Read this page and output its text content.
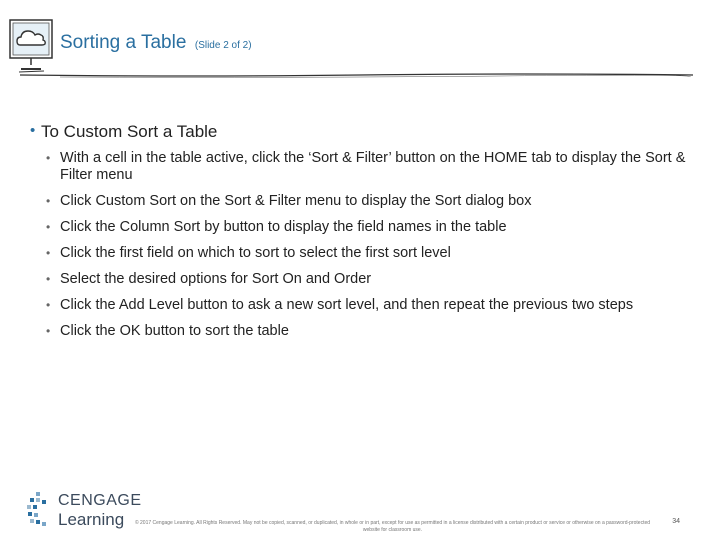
Sorting a Table (Slide 2 of 2)
• To Custom Sort a Table
• With a cell in the table active, click the ‘Sort & Filter’ button on the HOME tab to display the Sort & Filter menu
• Click Custom Sort on the Sort & Filter menu to display the Sort dialog box
• Click the Column Sort by button to display the field names in the table
• Click the first field on which to sort to select the first sort level
• Select the desired options for Sort On and Order
• Click the Add Level button to ask a new sort level, and then repeat the previous two steps
• Click the OK button to sort the table
CENGAGE
Learning	© 2017 Cengage Learning. All Rights Reserved. May not be copied, scanned, or duplicated, in whole or in part, except for use as permitted in a license distributed with a certain product or service or otherwise on a password-protected website for classroom use.
34
